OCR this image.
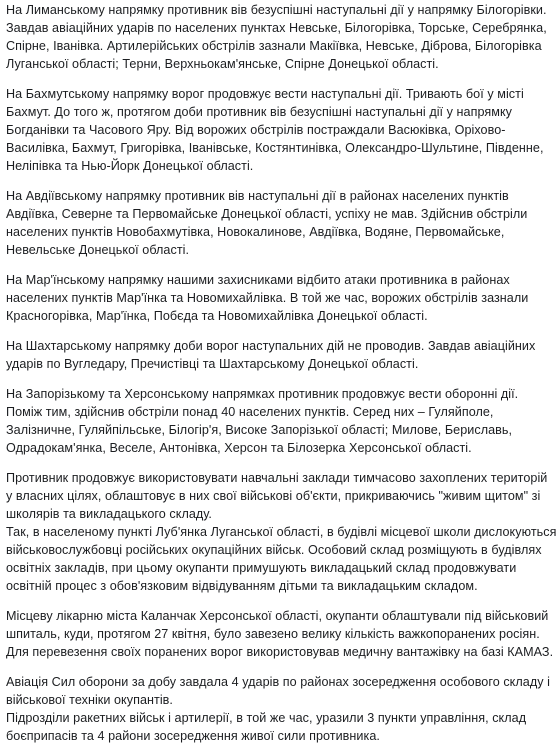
На Лиманському напрямку противник вів безуспішні наступальні дії у напрямку Білогорівки.
Завдав авіаційних ударів по населених пунктах Невське, Білогорівка, Торське, Серебрянка,
Спірне, Іванівка. Артилерійських обстрілів зазнали Макіївка, Невське, Діброва, Білогорівка
Луганської області; Терни, Верхньокам'янське, Спірне Донецької області.
На Бахмутському напрямку ворог продовжує вести наступальні дії. Тривають бої у місті
Бахмут. До того ж, протягом доби противник вів безуспішні наступальні дії у напрямку
Богданівки та Часового Яру. Від ворожих обстрілів постраждали Васюківка, Оріхово-
Василівка, Бахмут, Григорівка, Іванівське, Костянтинівка, Олександро-Шультине, Південне,
Неліпівка та Нью-Йорк Донецької області.
На Авдіївському напрямку противник вів наступальні дії в районах населених пунктів
Авдіївка, Северне та Первомайське Донецької області, успіху не мав. Здійснив обстріли
населених пунктів Новобахмутівка, Новокалинове, Авдіївка, Водяне, Первомайське,
Невельське Донецької області.
На Мар'їнському напрямку нашими захисниками відбито атаки противника в районах
населених пунктів Мар'їнка та Новомихайлівка. В той же час, ворожих обстрілів зазнали
Красногорівка, Мар'їнка, Побєда та Новомихайлівка Донецької області.
На Шахтарському напрямку доби ворог наступальних дій не проводив. Завдав авіаційних
ударів по Вугледару, Пречистівці та Шахтарському Донецької області.
На Запорізькому та Херсонському напрямках противник продовжує вести оборонні дії.
Поміж тим, здійснив обстріли понад 40 населених пунктів. Серед них – Гуляйполе,
Залізничне, Гуляйпільське, Білогір'я, Високе Запорізької області; Милове, Бериславь,
Одрадокам'янка, Веселе, Антонівка, Херсон та Білозерка Херсонської області.
Противник продовжує використовувати навчальні заклади тимчасово захоплених територій
у власних цілях, облаштовує в них свої військові об'єкти, прикриваючись "живим щитом" зі
школярів та викладацького складу.
Так, в населеному пункті Луб'янка Луганської області, в будівлі місцевої школи дислокуються
військовослужбовці російських окупаційних військ. Особовий склад розміщують в будівлях
освітніх закладів, при цьому окупанти примушують викладацький склад продовжувати
освітній процес з обов'язковим відвідуванням дітьми та викладацьким складом.
Місцеву лікарню міста Каланчак Херсонської області, окупанти облаштували під військовий
шпиталь, куди, протягом 27 квітня, було завезено велику кількість важкопоранених росіян.
Для перевезення своїх поранених ворог використовував медичну вантажівку на базі КАМАЗ.
Авіація Сил оборони за добу завдала 4 ударів по районах зосередження особового складу і
військової техніки окупантів.
Підрозділи ракетних військ і артилерії, в той же час, уразили 3 пункти управління, склад
боєприпасів та 4 райони зосередження живої сили противника.
